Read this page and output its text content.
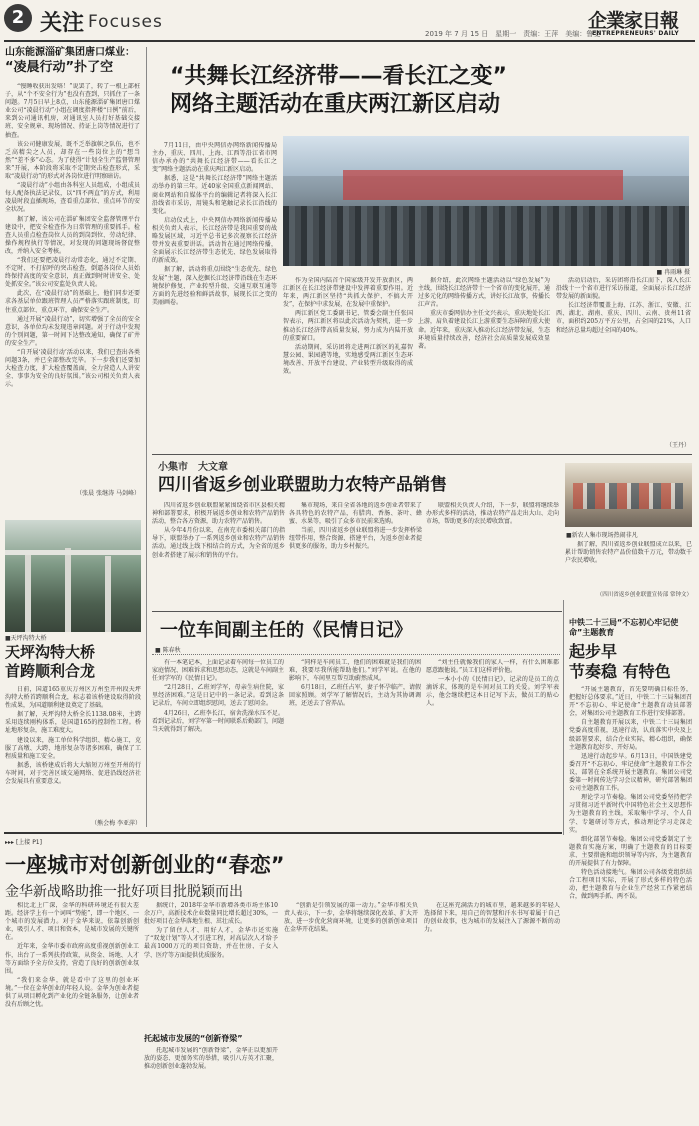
2 关注 Focuses
2019 年 7 月 15 日　星期一　责编：王萍　美编：鲁斐
企業家日報
ENTREPRENEURS' DAILY
山东能源淄矿集团唐口煤业：
“凌晨行动”扑了空

“慢睡收获出发咯！”说罢了，转了一根上部桩子，从“个不安全行为”也没有查到，只抓住了一条问题。7月5日早上8点，山东能源淄矿集团唐口煤业公司“凌晨行动”小组在调度指挥楼“日例”前后，来到公司通讯机房，对通讯室人员打好基础交接班、安全规章、现场情况、持证上岗等情况进行了抽查。

该公司健康发展，既不乏举旗帜之队伍，也不乏高精尖之人员，却存在一些岗位上的“想当然”“差不多”心态。为了使得“计划全生产监督管理来”开展，本阶段将采取不定期突击检查形式，采取“凌晨行动”的形式对各岗位进行明察暗访。

“凌晨行动”小组由各科室人员组成，小组成员每人配备执法记录仪，以“四不两直”的方式，利用凌晨时段直插现场，查看重点部位、重点环节的安全状况。

据了解，该公司在淄矿集团安全监督管理平台建设中，把安全检查作为日常管理的重要抓手。检查人员重点检查岗位人员的到岗到位、劳动纪律、操作规程执行等情况，对发现的问题现场督促整改，并纳入安全考核。

“我们还要把凌晨行动常态化，通过不定期、不定时、不打招呼的突击检查，倒逼各岗位人员始终保持高度的安全意识，真正做到时时讲安全、处处抓安全。”该公司安监处负责人说。

此次，在“凌晨行动”的基础上，他们同步还要求各基层单位跟班管理人员严格落实跟班制度，盯住重点部位、重点环节，确保安全生产。

通过开展“凌晨行动”，切实增强了全员的安全意识，各单位均未发现违章问题。对于行动中发现的个别问题，第一时间下达整改通知，确保了矿井的安全生产。

“自开展‘凌晨行动’活动以来，我们已查出各类问题3条，并已全部整改完毕。下一步我们还要加大检查力度，扩大检查覆盖面，全力营造人人讲安全、事事为安全的良好氛围。”该公司相关负责人表示。

（张晨 张继涛 马剑峰）
“共舞长江经济带——看长江之变”
网络主题活动在重庆两江新区启动

7月11日，由中央网信办网络新闻传播局主办，重庆、四川、上海、江西等沿江省市网信办承办的“共舞长江经济带——看长江之变”网络主题活动在重庆两江新区启动。

据悉，这是“共舞长江经济带”网络主题活动举办的第三年。近40家全国重点新闻网站、商业网站和自媒体平台的编辑记者将深入长江沿线省市采访，用镜头和笔触记录长江沿线的变化。

启动仪式上，中央网信办网络新闻传播局相关负责人表示，长江经济带是我国重要的战略发展区域，习近平总书记多次视察长江经济带并发表重要讲话。活动旨在通过网络传播，全面展示长江经济带生态优先、绿色发展取得的新成效。

据了解，活动将重点围绕“生态优先、绿色发展”主题，深入挖掘长江经济带沿线在生态环境保护修复、产业转型升级、交通互联互通等方面的先进经验和鲜活故事，展现长江之变的美丽画卷。

■ 冉雨琳 摄

作为全国内陆首个国家级开发开放新区，两江新区在长江经济带建设中发挥着重要作用。近年来，两江新区坚持“共抓大保护、不搞大开发”，在保护中求发展，在发展中重保护。

两江新区党工委副书记、管委会副主任张国智表示，两江新区将以此次活动为契机，进一步推动长江经济带高质量发展，努力成为内陆开放的重要窗口。

活动期间，采访团将走进两江新区的礼嘉智慧公园、果园港等地，实地感受两江新区生态环境改善、开放平台建设、产业转型升级取得的成效。

据介绍，此次网络主题活动以“绿色发展”为主线，围绕长江经济带十一个省市的变化展开，通过多元化的网络传播方式，讲好长江故事，传播长江声音。

重庆市委网信办主任文兴表示，重庆地处长江上游，肩负着建设长江上游重要生态屏障的重大使命。近年来，重庆深入推动长江经济带发展，生态环境质量持续改善，经济社会高质量发展成效显著。

活动启动后，采访团将沿长江而下，深入长江沿线十一个省市进行采访报道，全面展示长江经济带发展的新面貌。

长江经济带覆盖上海、江苏、浙江、安徽、江西、湖北、湖南、重庆、四川、云南、贵州11省市，面积约205万平方公里，占全国的21%，人口和经济总量均超过全国的40%。

（王丹）
小集市　大文章
四川省返乡创业联盟助力农特产品销售

四川省返乡创业联盟紧紧围绕省市区县相关精神和部署要求，积极开展返乡创业和农特产品销售活动，整合各方资源，助力农特产品销售。

从今年4月份以来，在南充市委相关部门的指导下，联盟举办了一系列返乡创业和农特产品销售活动。通过线上线下相结合的方式，为全省的返乡创业者搭建了展示和销售的平台。

集市现场，来自全省各地的返乡创业者带来了各具特色的农特产品，有腊肉、香肠、茶叶、蜂蜜、水果等，吸引了众多市民前来选购。

当前，四川省返乡创业联盟将进一步发挥桥梁纽带作用，整合资源、搭建平台，为返乡创业者提供更多的服务，助力乡村振兴。

联盟相关负责人介绍，下一步，联盟将继续举办形式多样的活动，推动农特产品走出大山、走向市场，帮助更多的农民增收致富。

■新农人集市现场热闹非凡

据了解，四川省返乡创业联盟成立以来，已累计帮助销售农特产品价值数千万元，带动数千户农民增收。

（四川省返乡创业联盟宣传部 常钟文）
■天坪沟特大桥
天坪沟特大桥
首跨顺利合龙

日前，国道165重庆万州区万州至开州段天坪沟特大桥首跨顺利合龙，标志着该桥建设取得阶段性成果，为国道顺利建设奠定了基础。

据了解，天坪沟特大桥全长1138.08米，主跨采用连续刚构体系，是国道165的控制性工程。桥址地形复杂，施工难度大。

建设以来，施工单位科学组织、精心施工，克服了高墩、大跨、地形复杂等诸多困难，确保了工程质量和施工安全。

据悉，该桥建成后将大大缩短万州至开州的行车时间，对于完善区域交通网络、促进沿线经济社会发展具有重要意义。

（熊会梅 李亚萍）
一位车间副主任的《民情日记》
■ 陈春秋

有一本笔记本，上面记录着车间每一位员工的家庭情况、困难诉求和思想动态，这就是车间副主任刘学军的《民情日记》。

“2月28日，乙班刘学军，母亲生病住院，家里经济困难。”这是日记中的一条记录。看到这条记录后，车间立即组织慰问，送去了慰问金。

4月26日，乙班李长江，宿舍洗澡水压不足。看到记录后，刘学军第一时间联系后勤部门，问题当天就得到了解决。

“同样是车间员工，他们的困难就是我们的困难，我要尽我所能帮助他们。”刘学军说。在他的影响下，车间里互帮互助蔚然成风。

6月18日，乙班任占军，妻子怀孕临产，请假回家照顾。刘学军了解情况后，主动为其协调调班，还送去了营养品。

“刘主任就像我们的家人一样，有什么困难都愿意跟他说。”员工们这样评价他。

一本小小的《民情日记》，记录的是员工的点滴诉求，体现的是车间对员工的关爱。刘学军表示，他会继续把这本日记写下去，做员工的贴心人。

中铁二十三局“不忘初心牢记使命”主题教育
起步早
节奏稳 有特色

“开展主题教育，首先要明确目标任务，把握好总体要求。”近日，中铁二十三局集团召开“不忘初心、牢记使命”主题教育动员部署会，对集团公司主题教育工作进行安排部署。

自主题教育开展以来，中铁二十三局集团党委高度重视，迅速行动，认真落实中央及上级部署要求，结合企业实际，精心组织，确保主题教育起好步、开好局。

迅速行动起步早。6月13日，中国铁建党委召开“不忘初心、牢记使命”主题教育工作会议，部署在全系统开展主题教育。集团公司党委第一时间传达学习会议精神，研究部署集团公司主题教育工作。

理论学习节奏稳。集团公司党委坚持把学习贯彻习近平新时代中国特色社会主义思想作为主题教育的主线，采取集中学习、个人自学、专题研讨等方式，推动理论学习走深走实。

细化部署节奏稳。集团公司党委制定了主题教育实施方案，明确了主题教育的目标要求、主要措施和组织领导等内容，为主题教育的开展提供了有力保障。

特色活动接地气。集团公司各级党组织结合工程项目实际，开展了形式多样的特色活动，把主题教育与企业生产经营工作紧密结合，做到两手抓、两不误。

▸▸▸ [上接 P1]
一座城市对创新创业的“春恋”
金华新战略助推一批好项目批脱颖而出

相比北上广深，金华的科研环境还有很大差距。经济学上有一个词叫“势能”，即一个地区、一个城市的发展潜力。对于金华来说，依靠创新创业，吸引人才、项目和资本，是城市发展的关键所在。

近年来，金华市委市政府高度重视创新创业工作，出台了一系列扶持政策，从资金、场地、人才等方面给予全方位支持，营造了良好的创新创业氛围。

“我们来金华，就是看中了这里的创业环境。”一位在金华创业的年轻人说。金华为创业者提供了从项目孵化到产业化的全链条服务，让创业者没有后顾之忧。

据统计，2018年金华市新增各类市场主体10余万户，高新技术企业数量同比增长超过30%，一批好项目在金华落地生根、茁壮成长。

为了留住人才、用好人才，金华市还实施了“双龙计划”等人才引进工程，对高层次人才给予最高1000万元的项目资助，并在住房、子女入学、医疗等方面提供优质服务。

托起城市发展的“创新脊梁”

托起城市发展的“创新脊梁”，金华正以更加开放的姿态、更加务实的举措，吸引八方英才汇聚，推动创新创业蓬勃发展。

“创新是引领发展的第一动力。”金华市相关负责人表示，下一步，金华将继续深化改革、扩大开放，进一步优化营商环境，让更多的创新创业项目在金华开花结果。

在这座充满活力的城市里，越来越多的年轻人选择留下来，用自己的智慧和汗水书写着属于自己的创业故事，也为城市的发展注入了源源不断的动力。
